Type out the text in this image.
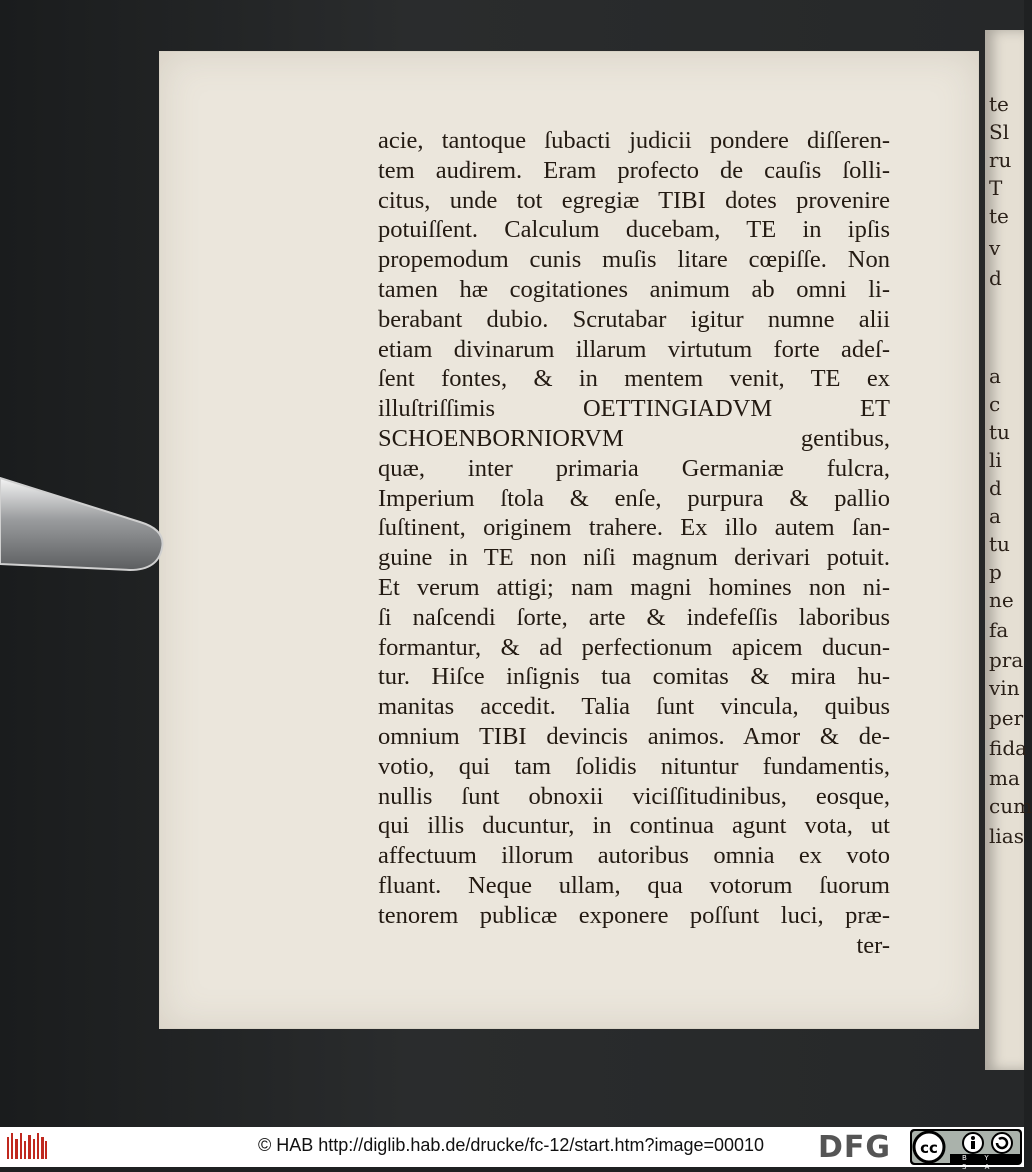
te
Sl
ru
T
te
v
d
a
c
tu
li
d
a
tu
p
ne
fa
pra
vin
per
fida
ma
cum
lias
acie, tantoque ſubacti judicii pondere diſſeren-
tem audirem. Eram profecto de cauſis ſolli-
citus, unde tot egregiæ TIBI dotes provenire
potuiſſent. Calculum ducebam, TE in ipſis
propemodum cunis muſis litare cœpiſſe. Non
tamen hæ cogitationes animum ab omni li-
berabant dubio. Scrutabar igitur numne alii
etiam divinarum illarum virtutum forte adeſ-
ſent fontes, & in mentem venit, TE ex
illuſtriſſimis OETTINGIADVM ET
SCHOENBORNIORVM gentibus,
quæ, inter primaria Germaniæ fulcra,
Imperium ſtola & enſe, purpura & pallio
ſuſtinent, originem trahere. Ex illo autem ſan-
guine in TE non niſi magnum derivari potuit.
Et verum attigi; nam magni homines non ni-
ſi naſcendi ſorte, arte & indefeſſis laboribus
formantur, & ad perfectionum apicem ducun-
tur. Hiſce inſignis tua comitas & mira hu-
manitas accedit. Talia ſunt vincula, quibus
omnium TIBI devincis animos. Amor & de-
votio, qui tam ſolidis nituntur fundamentis,
nullis ſunt obnoxii viciſſitudinibus, eosque,
qui illis ducuntur, in continua agunt vota, ut
affectuum illorum autoribus omnia ex voto
fluant. Neque ullam, qua votorum ſuorum
tenorem publicæ exponere poſſunt luci, præ-
ter-
© HAB http://diglib.hab.de/drucke/fc-12/start.htm?image=00010 DFG cc
BY SA
